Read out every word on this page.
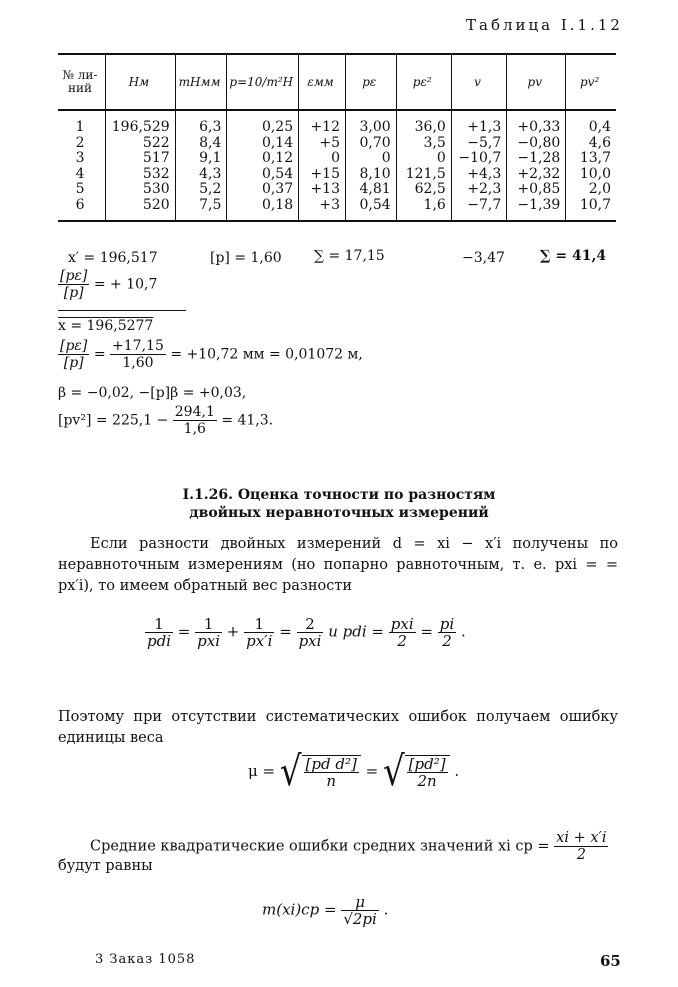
Таблица I.1.12
№ ли-
ний	Hм	mHмм	p=10/m²H	εмм	pε	pε²	v	pv	pv²
1	196,529	6,3	0,25	+12	3,00	36,0	+1,3	+0,33	0,4
2	522	8,4	0,14	+5	0,70	3,5	−5,7	−0,80	4,6
3	517	9,1	0,12	0	0	0	−10,7	−1,28	13,7
4	532	4,3	0,54	+15	8,10	121,5	+4,3	+2,32	10,0
5	530	5,2	0,37	+13	4,81	62,5	+2,3	+0,85	2,0
6	520	7,5	0,18	+3	0,54	1,6	−7,7	−1,39	10,7
x′ = 196,517	[p] = 1,60 ∑ = 17,15	−3,47	∑ = 41,4
$\frac{[p\varepsilon]}{[p]}$ = + 10,7
x = 196,5277
$\frac{[p\varepsilon]}{[p]} = \frac{+17,15}{1,60} = +10,72$ мм = 0,01072 м,
β = −0,02, −[p]β = +0,03,
$[pv^2] = 225,1 - \frac{294,1}{1,6} = 41,3$.
I.1.26. Оценка точности по разностям
двойных неравноточных измерений
Если разности двойных измерений d = xi − x′i получены по неравноточным измерениям (но попарно равноточным, т. е. pxi = = px′i), то имеем обратный вес разности
$\frac{1}{\text{pdi}} = \frac{1}{\text{pxi}} + \frac{1}{px'i} = \frac{2}{\text{pxi}}$ и pdi = $\frac{\text{pxi}}{2} = \frac{pi}{2}$ .
Поэтому при отсутствии систематических ошибок получаем ошибку единицы веса
μ = √ $\frac{\text{[pd d²]}}{n}$ = √ $\frac{\text{[pd²]}}{2n}$ .
Средние квадратические ошибки средних значений xi ср = $\frac{xi + x'i}{2}$
будут равны
$m(xi)ср = \frac{\mu}{√2pi}$ .
3 Заказ 1058	65
